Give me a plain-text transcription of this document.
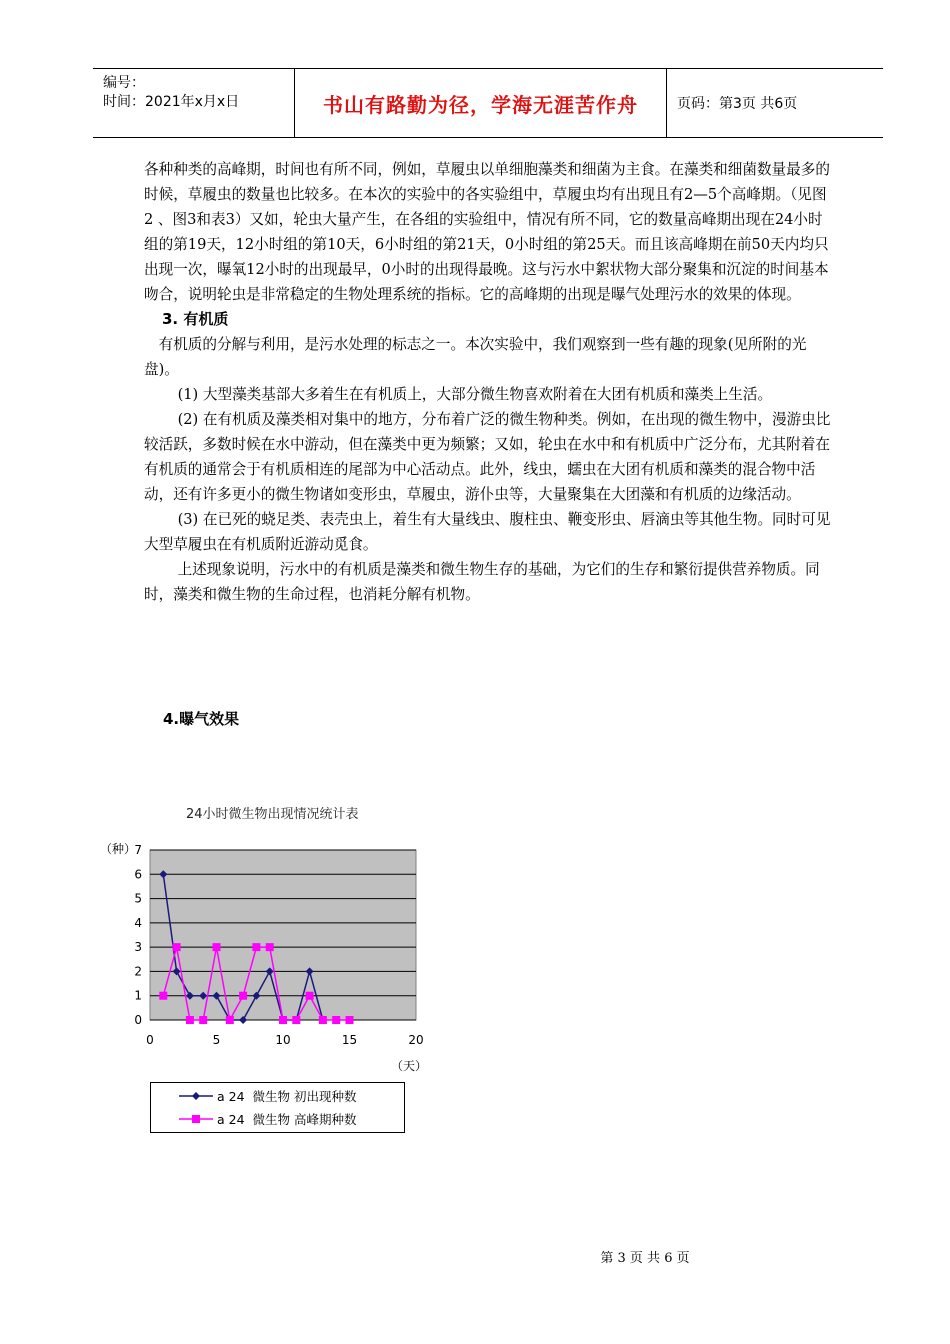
编号：
时间：2021年x月x日	书山有路勤为径，学海无涯苦作舟	页码：第3页 共6页

各种种类的高峰期，时间也有所不同，例如，草履虫以单细胞藻类和细菌为主食。在藻类和细菌数量最多的时候，草履虫的数量也比较多。在本次的实验中的各实验组中，草履虫均有出现且有2—5个高峰期。（见图2 、图3和表3）又如，轮虫大量产生，在各组的实验组中，情况有所不同，它的数量高峰期出现在24小时组的第19天，12小时组的第10天，6小时组的第21天，0小时组的第25天。而且该高峰期在前50天内均只出现一次，曝氧12小时的出现最早，0小时的出现得最晚。这与污水中絮状物大部分聚集和沉淀的时间基本吻合，说明轮虫是非常稳定的生物处理系统的指标。它的高峰期的出现是曝气处理污水的效果的体现。

3. 有机质

有机质的分解与利用，是污水处理的标志之一。本次实验中，我们观察到一些有趣的现象(见所附的光盘)。

(1) 大型藻类基部大多着生在有机质上，大部分微生物喜欢附着在大团有机质和藻类上生活。

(2) 在有机质及藻类相对集中的地方，分布着广泛的微生物种类。例如，在出现的微生物中，漫游虫比较活跃，多数时候在水中游动，但在藻类中更为频繁；又如，轮虫在水中和有机质中广泛分布，尤其附着在有机质的通常会于有机质相连的尾部为中心活动点。此外，线虫，蠕虫在大团有机质和藻类的混合物中活动，还有许多更小的微生物诸如变形虫，草履虫，游仆虫等，大量聚集在大团藻和有机质的边缘活动。

(3) 在已死的蛲足类、表壳虫上，着生有大量线虫、腹柱虫、鞭变形虫、唇滴虫等其他生物。同时可见大型草履虫在有机质附近游动觅食。

上述现象说明，污水中的有机质是藻类和微生物生存的基础，为它们的生存和繁衍提供营养物质。同时，藻类和微生物的生命过程，也消耗分解有机物。

4.曝气效果
24小时微生物出现情况统计表
0
1
2
3
4
5
6
7
0	5	10	15	20
（种）
（天）
a 24  微生物 初出现种数
a 24  微生物 高峰期种数
第 3 页 共 6 页
